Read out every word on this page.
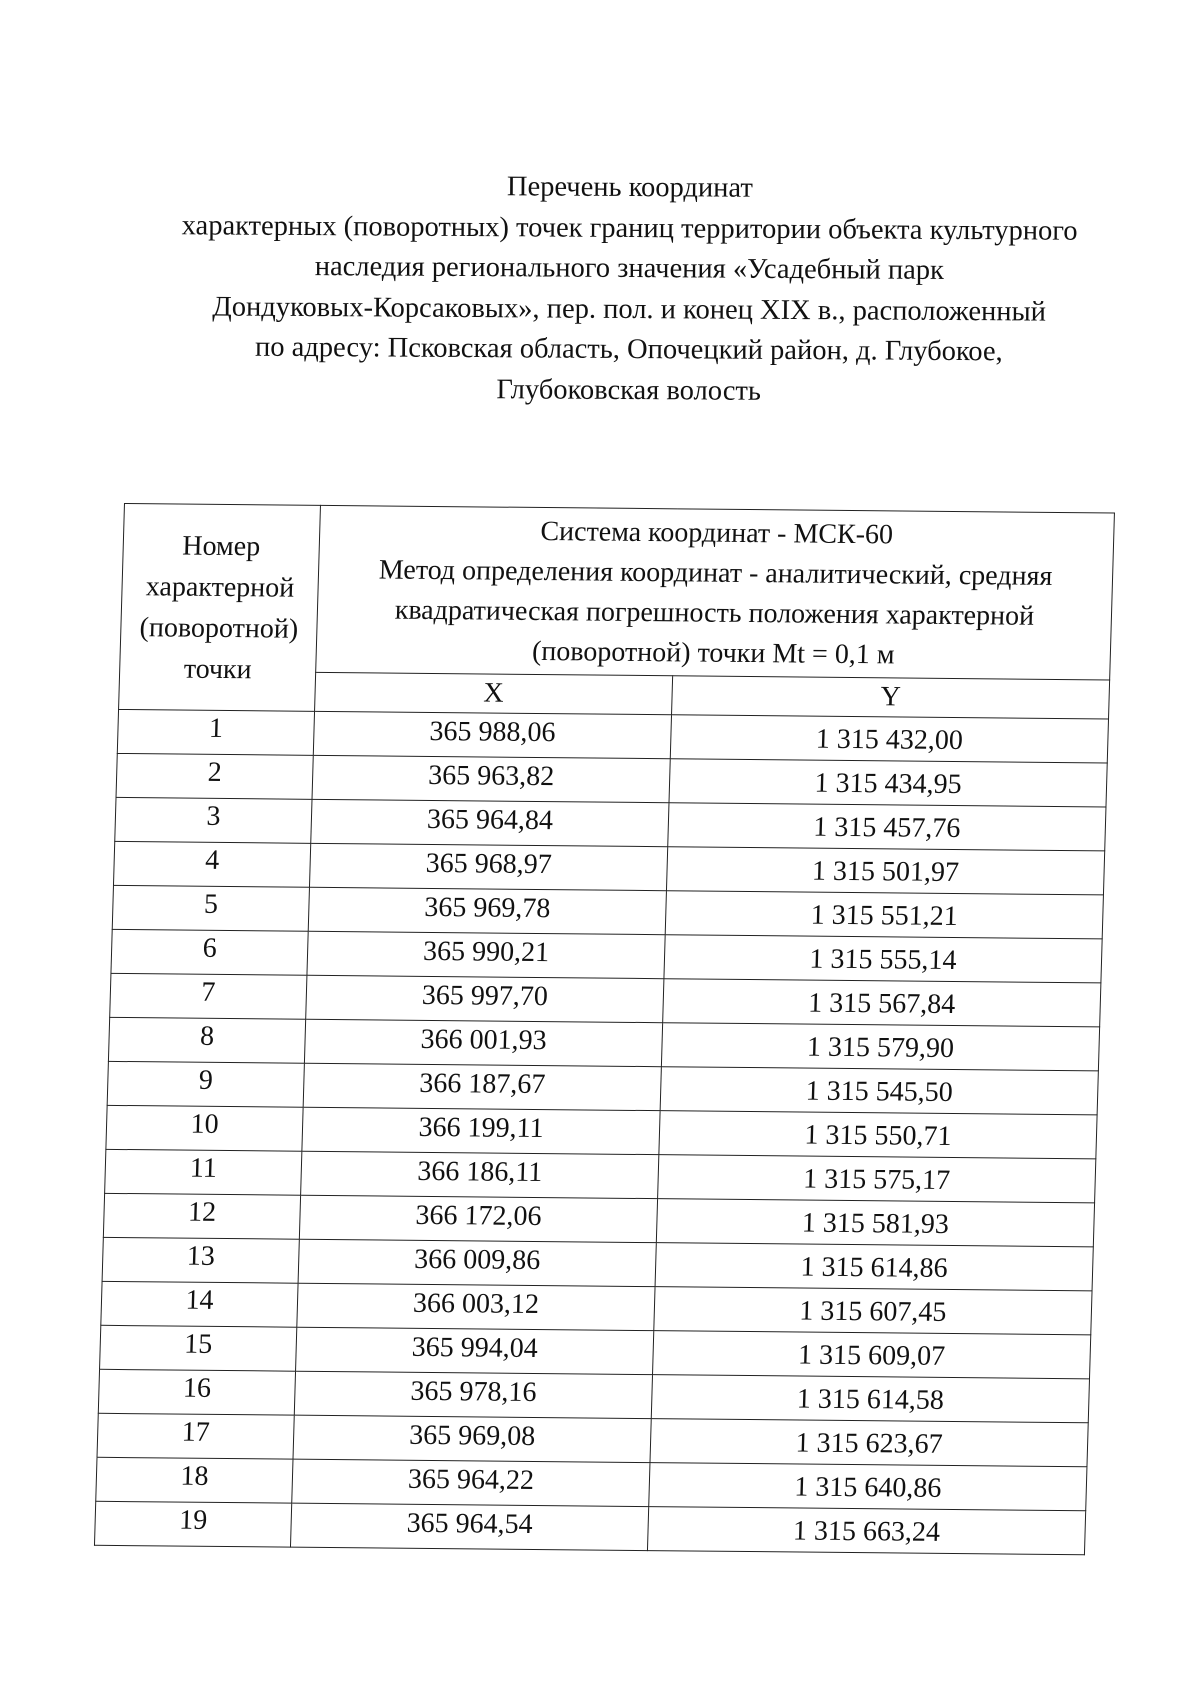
Перечень координат
характерных (поворотных) точек границ территории объекта культурного
наследия регионального значения «Усадебный парк
Дондуковых-Корсаковых», пер. пол. и конец XIX в., расположенный
по адресу: Псковская область, Опочецкий район, д. Глубокое,
Глубоковская волость
Номер
характерной
(поворотной)
точки	Система координат - МСК-60
Метод определения координат - аналитический, средняя
квадратическая погрешность положения характерной
(поворотной) точки Mt = 0,1 м	

	X	Y
1	365 988,06	1 315 432,00
2	365 963,82	1 315 434,95
3	365 964,84	1 315 457,76
4	365 968,97	1 315 501,97
5	365 969,78	1 315 551,21
6	365 990,21	1 315 555,14
7	365 997,70	1 315 567,84
8	366 001,93	1 315 579,90
9	366 187,67	1 315 545,50
10	366 199,11	1 315 550,71
11	366 186,11	1 315 575,17
12	366 172,06	1 315 581,93
13	366 009,86	1 315 614,86
14	366 003,12	1 315 607,45
15	365 994,04	1 315 609,07
16	365 978,16	1 315 614,58
17	365 969,08	1 315 623,67
18	365 964,22	1 315 640,86
19	365 964,54	1 315 663,24
